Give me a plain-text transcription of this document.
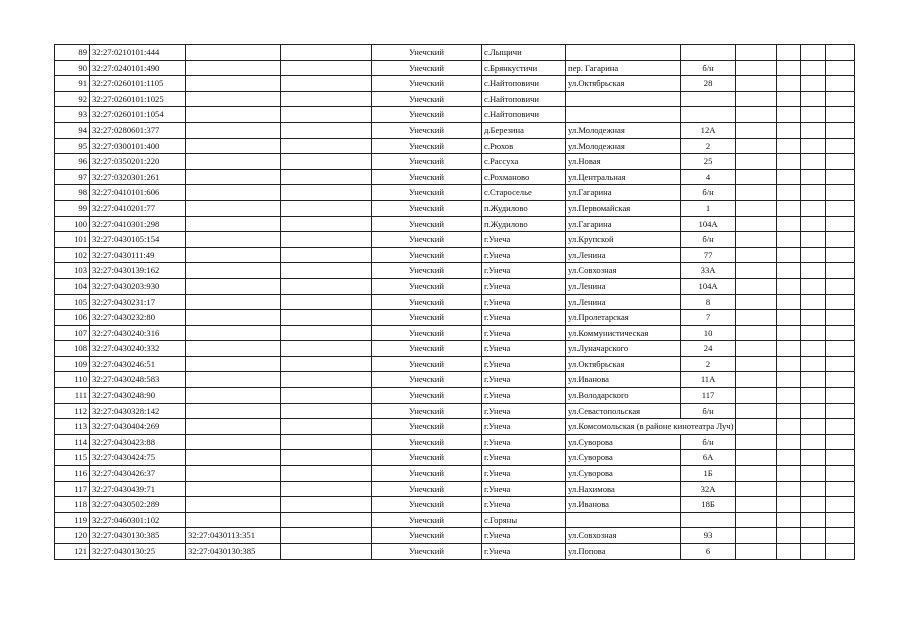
89	32:27:0210101:444			Унечский	с.Лыщичи						
90	32:27:0240101:490			Унечский	с.Брянкустичи	пер. Гагарина	б/н				
91	32:27:0260101:1105			Унечский	с.Найтоповичи	ул.Октябрьская	28				
92	32:27:0260101:1025			Унечский	с.Найтоповичи						
93	32:27:0260101:1054			Унечский	с.Найтоповичи						
94	32:27:0280601:377			Унечский	д.Березина	ул.Молодежная	12А				
95	32:27:0300101:400			Унечский	с.Рюхов	ул.Молодежная	2				
96	32:27:0350201:220			Унечский	с.Рассуха	ул.Новая	25				
97	32:27:0320301:261			Унечский	с.Рохманово	ул.Центральная	4				
98	32:27:0410101:606			Унечский	с.Староселье	ул.Гагарина	б/н				
99	32:27:0410201:77			Унечский	п.Жудилово	ул.Первомайская	1				
100	32:27:0410301:298			Унечский	п.Жудилово	ул.Гагарина	104А				
101	32:27:0430105:154			Унечский	г.Унеча	ул.Крупской	б/н				
102	32:27:0430111:49			Унечский	г.Унеча	ул.Ленина	77				
103	32:27:0430139:162			Унечский	г.Унеча	ул.Совхозная	33А				
104	32:27:0430203:930			Унечский	г.Унеча	ул.Ленина	104А				
105	32:27:0430231:17			Унечский	г.Унеча	ул.Ленина	8				
106	32:27:0430232:80			Унечский	г.Унеча	ул.Пролетарская	7				
107	32:27:0430240:316			Унечский	г.Унеча	ул.Коммунистическая	10				
108	32:27:0430240:332			Унечский	г.Унеча	ул.Луначарского	24				
109	32:27:0430246:51			Унечский	г.Унеча	ул.Октябрьская	2				
110	32:27:0430248:583			Унечский	г.Унеча	ул.Иванова	11А				
111	32:27:0430248:90			Унечский	г.Унеча	ул.Володарского	117				
112	32:27:0430328:142			Унечский	г.Унеча	ул.Севастопольская	б/н				
113	32:27:0430404:269			Унечский	г.Унеча	ул.Комсомольская (в районе кинотеатра Луч)					
114	32:27:0430423:88			Унечский	г.Унеча	ул.Суворова	б/н				
115	32:27:0430424:75			Унечский	г.Унеча	ул.Суворова	6А				
116	32:27:0430426:37			Унечский	г.Унеча	ул.Суворова	1Б				
117	32:27:0430439:71			Унечский	г.Унеча	ул.Нахимова	32А				
118	32:27:0430502:289			Унечский	г.Унеча	ул.Иванова	18Б				
119	32:27:0460301:102			Унечский	с.Горяны						
120	32:27:0430130:385	32:27:0430113:351		Унечский	г.Унеча	ул.Совхозная	93				
121	32:27:0430130:25	32:27:0430130:385		Унечский	г.Унеча	ул.Попова	6				
